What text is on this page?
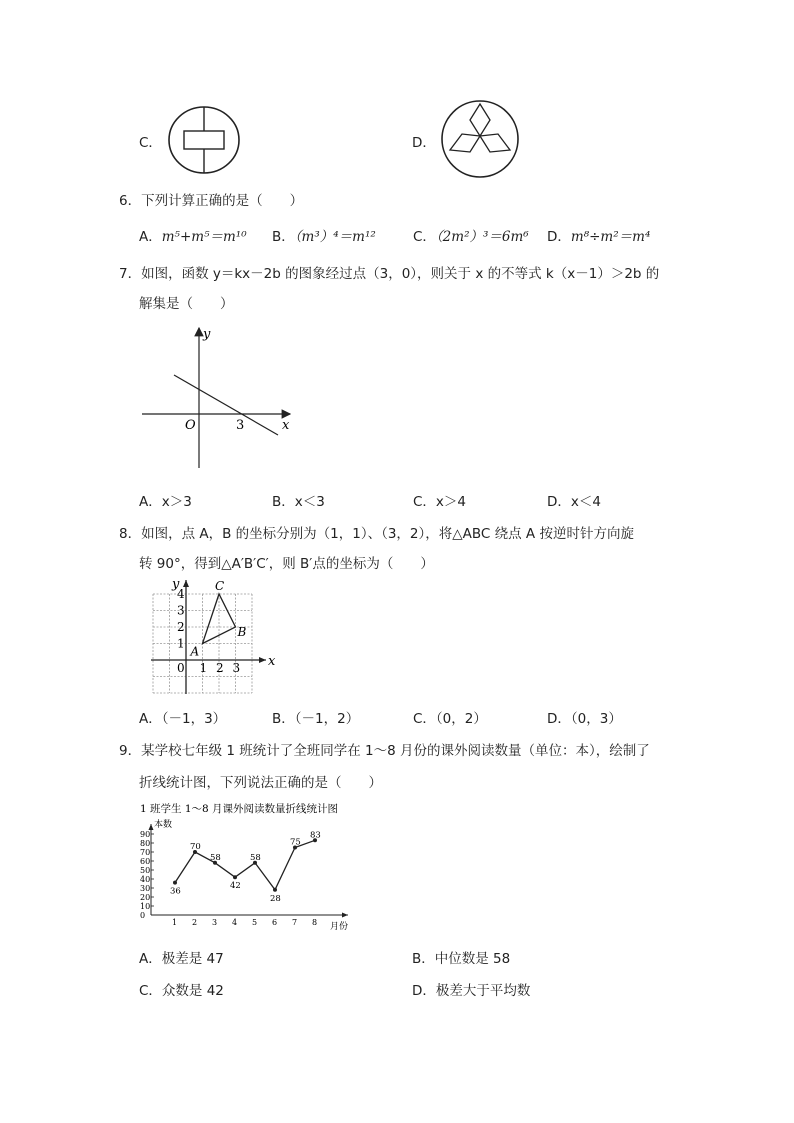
C．	D．
6．下列计算正确的是（　　）
A．m⁵+m⁵＝m¹⁰ B．（m³）⁴＝m¹²	C．（2m²）³＝6m⁶ D．m⁸÷m²＝m⁴
7．如图，函数 y＝kx－2b 的图象经过点（3，0），则关于 x 的不等式 k（x－1）＞2b 的
解集是（　　）
y
x
O	3
A．x＞3	B．x＜3	C．x＞4	D．x＜4
8．如图，点 A，B 的坐标分别为（1，1）、（3，2），将△ABC 绕点 A 按逆时针方向旋
转 90°，得到△A′B′C′，则 B′点的坐标为（　　）
x
y
0 1 2 3
1
2
3
4
A
B
C
A．（－1，3）	B．（－1，2）	C．（0，2）	D．（0，3）
9．某学校七年级 1 班统计了全班同学在 1～8 月份的课外阅读数量（单位：本），绘制了
折线统计图，下列说法正确的是（　　）
1 班学生 1～8 月课外阅读数量折线统计图
本数
月份
0
10
20
30
40
50
60
70
80
90
1 2 3 4 5 6 7 8
36
70
58
42
58
28
75
83
A．极差是 47	B．中位数是 58
C．众数是 42	D．极差大于平均数
